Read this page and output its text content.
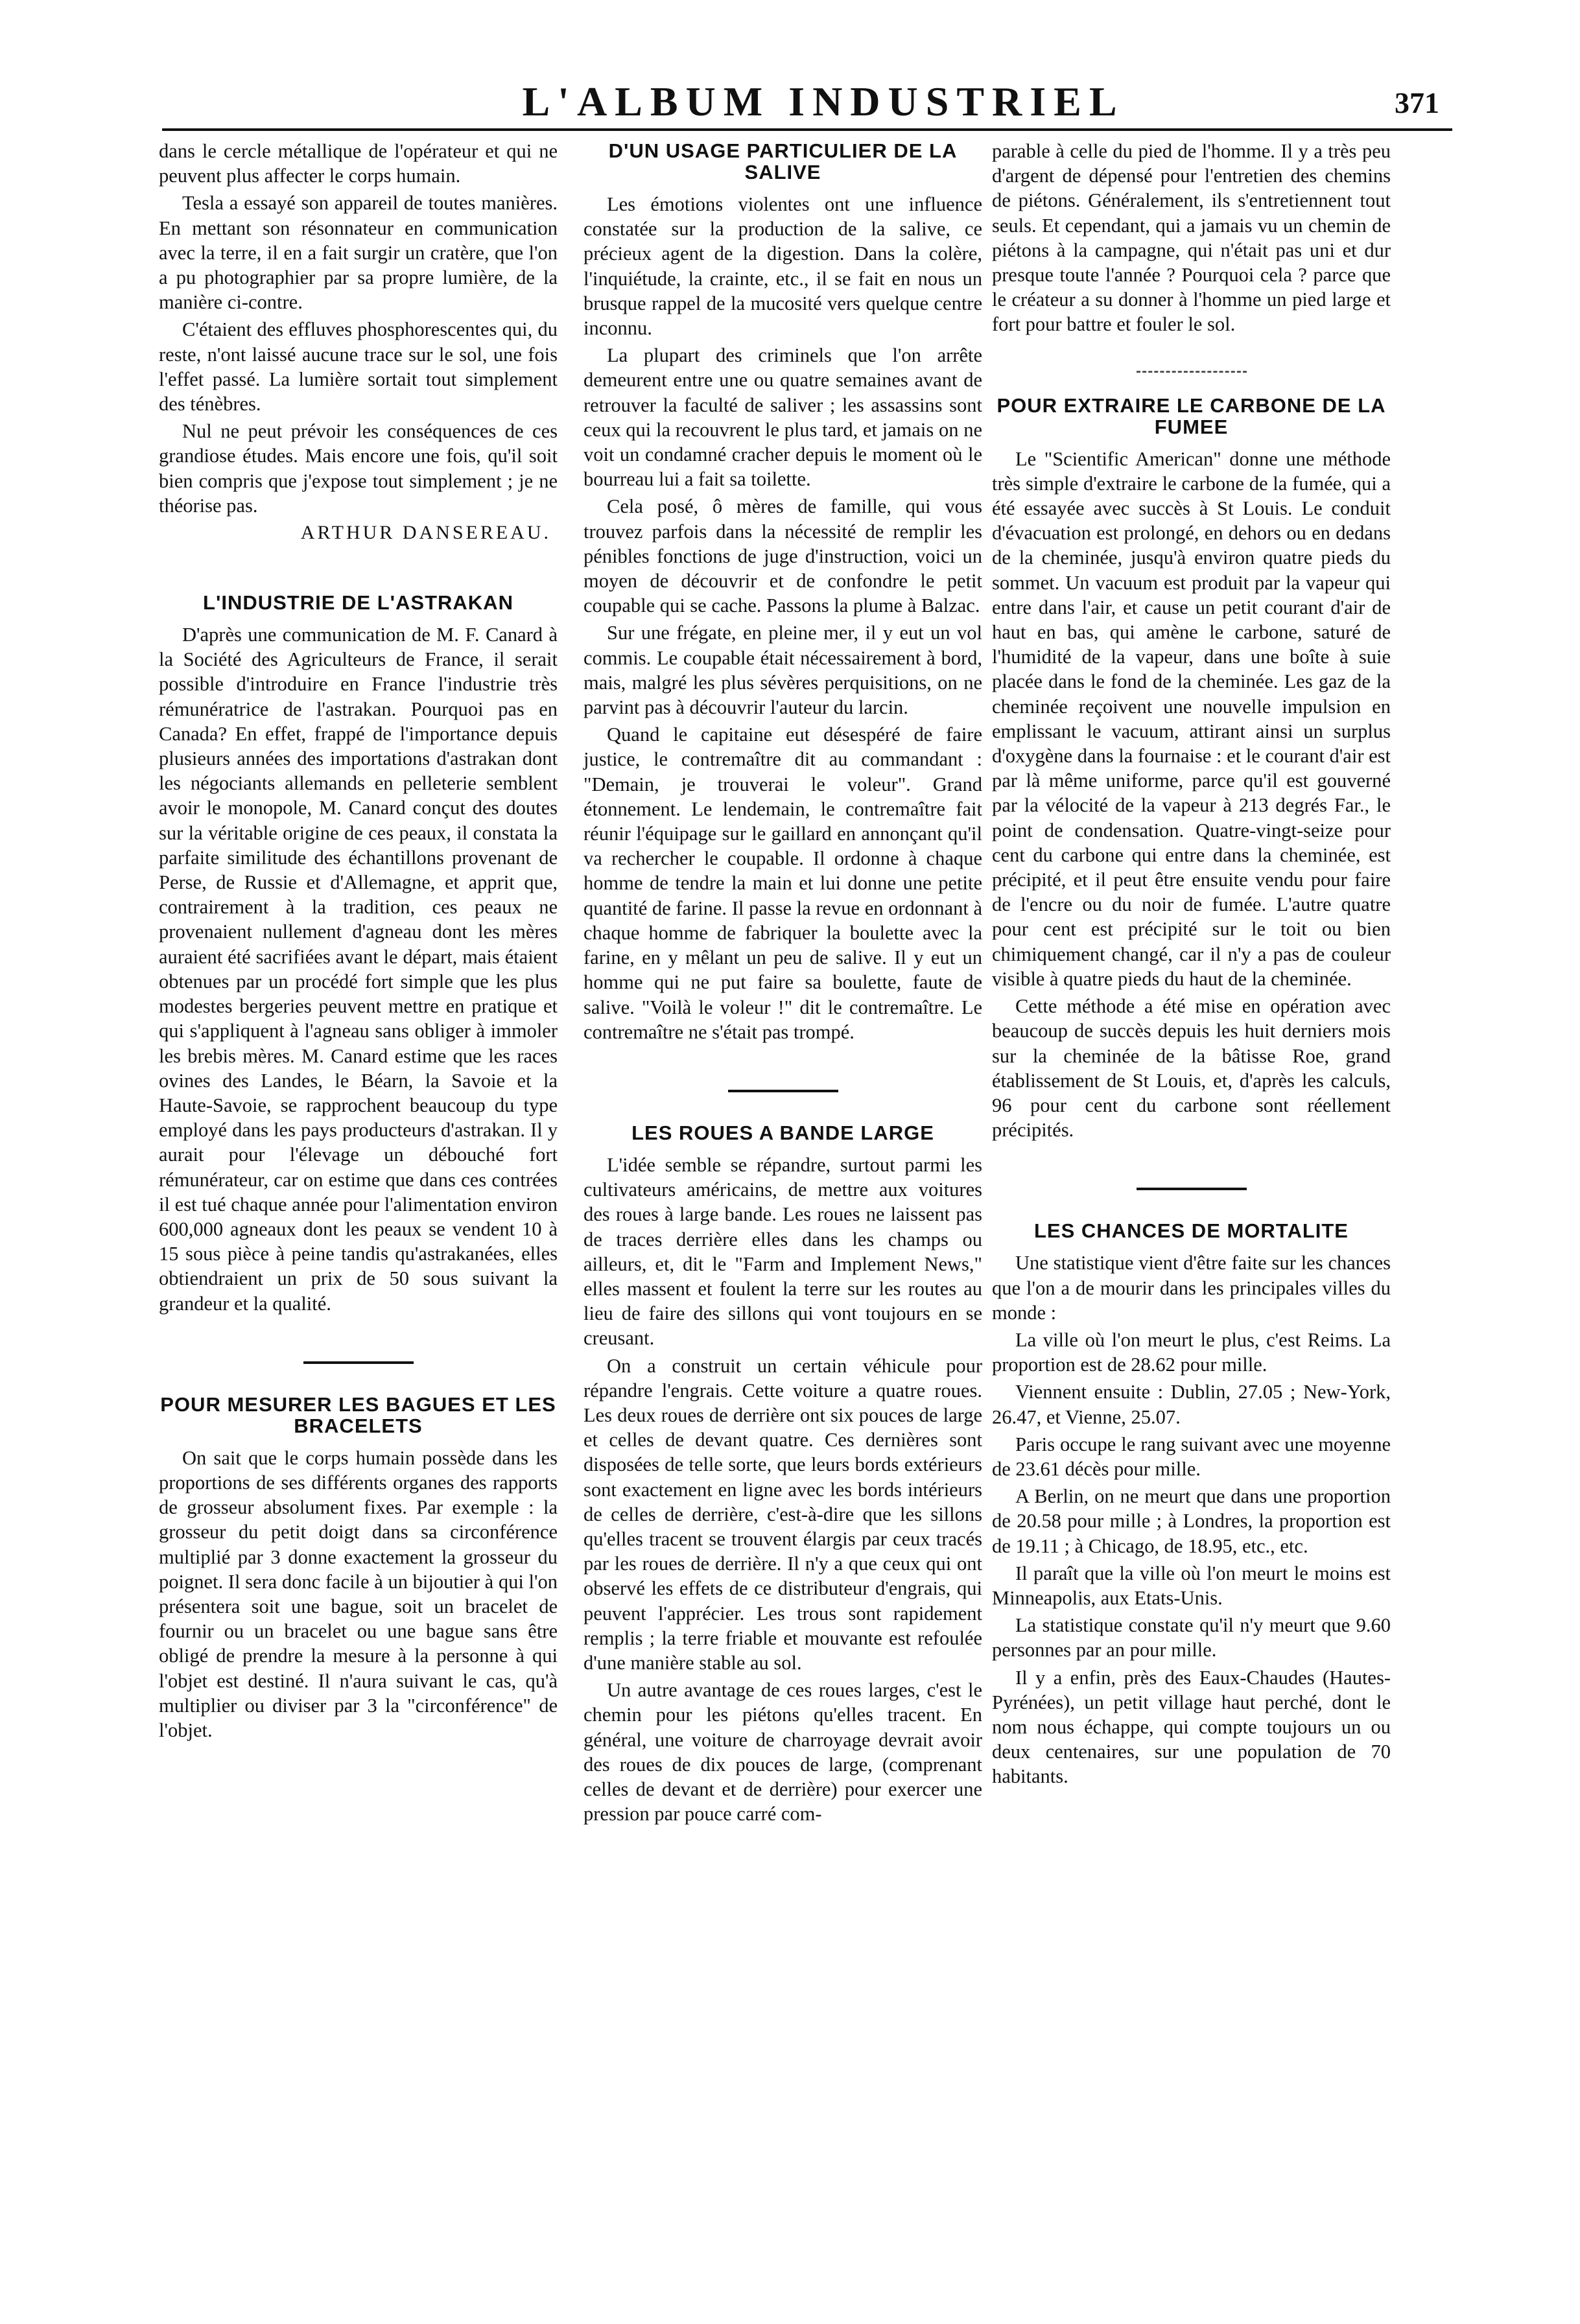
L'ALBUM INDUSTRIEL	371

dans le cercle métallique de l'opérateur et qui ne peuvent plus affecter le corps humain.

Tesla a essayé son appareil de toutes manières. En mettant son résonnateur en communication avec la terre, il en a fait surgir un cratère, que l'on a pu photographier par sa propre lumière, de la manière ci-contre.

C'étaient des effluves phosphorescentes qui, du reste, n'ont laissé aucune trace sur le sol, une fois l'effet passé. La lumière sortait tout simplement des ténèbres.

Nul ne peut prévoir les conséquences de ces grandiose études. Mais encore une fois, qu'il soit bien compris que j'expose tout simplement ; je ne théorise pas.

ARTHUR DANSEREAU.
L'INDUSTRIE DE L'ASTRAKAN

D'après une communication de M. F. Canard à la Société des Agriculteurs de France, il serait possible d'introduire en France l'industrie très rémunératrice de l'astrakan. Pourquoi pas en Canada? En effet, frappé de l'importance depuis plusieurs années des importations d'astrakan dont les négociants allemands en pelleterie semblent avoir le monopole, M. Canard conçut des doutes sur la véritable origine de ces peaux, il constata la parfaite similitude des échantillons provenant de Perse, de Russie et d'Allemagne, et apprit que, contrairement à la tradition, ces peaux ne provenaient nullement d'agneau dont les mères auraient été sacrifiées avant le départ, mais étaient obtenues par un procédé fort simple que les plus modestes bergeries peuvent mettre en pratique et qui s'appliquent à l'agneau sans obliger à immoler les brebis mères. M. Canard estime que les races ovines des Landes, le Béarn, la Savoie et la Haute-Savoie, se rapprochent beaucoup du type employé dans les pays producteurs d'astrakan. Il y aurait pour l'élevage un débouché fort rémunérateur, car on estime que dans ces contrées il est tué chaque année pour l'alimentation environ 600,000 agneaux dont les peaux se vendent 10 à 15 sous pièce à peine tandis qu'astrakanées, elles obtiendraient un prix de 50 sous suivant la grandeur et la qualité.

POUR MESURER LES BAGUES ET LES BRACELETS

On sait que le corps humain possède dans les proportions de ses différents organes des rapports de grosseur absolument fixes. Par exemple : la grosseur du petit doigt dans sa circonférence multiplié par 3 donne exactement la grosseur du poignet. Il sera donc facile à un bijoutier à qui l'on présentera soit une bague, soit un bracelet de fournir ou un bracelet ou une bague sans être obligé de prendre la mesure à la personne à qui l'objet est destiné. Il n'aura suivant le cas, qu'à multiplier ou diviser par 3 la "circonférence" de l'objet.

D'UN USAGE PARTICULIER DE LA SALIVE

Les émotions violentes ont une influence constatée sur la production de la salive, ce précieux agent de la digestion. Dans la colère, l'inquiétude, la crainte, etc., il se fait en nous un brusque rappel de la mucosité vers quelque centre inconnu.

La plupart des criminels que l'on arrête demeurent entre une ou quatre semaines avant de retrouver la faculté de saliver ; les assassins sont ceux qui la recouvrent le plus tard, et jamais on ne voit un condamné cracher depuis le moment où le bourreau lui a fait sa toilette.

Cela posé, ô mères de famille, qui vous trouvez parfois dans la nécessité de remplir les pénibles fonctions de juge d'instruction, voici un moyen de découvrir et de confondre le petit coupable qui se cache. Passons la plume à Balzac.

Sur une frégate, en pleine mer, il y eut un vol commis. Le coupable était nécessairement à bord, mais, malgré les plus sévères perquisitions, on ne parvint pas à découvrir l'auteur du larcin.

Quand le capitaine eut désespéré de faire justice, le contremaître dit au commandant : "Demain, je trouverai le voleur". Grand étonnement. Le lendemain, le contremaître fait réunir l'équipage sur le gaillard en annonçant qu'il va rechercher le coupable. Il ordonne à chaque homme de tendre la main et lui donne une petite quantité de farine. Il passe la revue en ordonnant à chaque homme de fabriquer la boulette avec la farine, en y mêlant un peu de salive. Il y eut un homme qui ne put faire sa boulette, faute de salive. "Voilà le voleur !" dit le contremaître. Le contremaître ne s'était pas trompé.

LES ROUES A BANDE LARGE

L'idée semble se répandre, surtout parmi les cultivateurs américains, de mettre aux voitures des roues à large bande. Les roues ne laissent pas de traces derrière elles dans les champs ou ailleurs, et, dit le "Farm and Implement News," elles massent et foulent la terre sur les routes au lieu de faire des sillons qui vont toujours en se creusant.

On a construit un certain véhicule pour répandre l'engrais. Cette voiture a quatre roues. Les deux roues de derrière ont six pouces de large et celles de devant quatre. Ces dernières sont disposées de telle sorte, que leurs bords extérieurs sont exactement en ligne avec les bords intérieurs de celles de derrière, c'est-à-dire que les sillons qu'elles tracent se trouvent élargis par ceux tracés par les roues de derrière. Il n'y a que ceux qui ont observé les effets de ce distributeur d'engrais, qui peuvent l'apprécier. Les trous sont rapidement remplis ; la terre friable et mouvante est refoulée d'une manière stable au sol.

Un autre avantage de ces roues larges, c'est le chemin pour les piétons qu'elles tracent. En général, une voiture de charroyage devrait avoir des roues de dix pouces de large, (comprenant celles de devant et de derrière) pour exercer une pression par pouce carré com-

parable à celle du pied de l'homme. Il y a très peu d'argent de dépensé pour l'entretien des chemins de piétons. Généralement, ils s'entretiennent tout seuls. Et cependant, qui a jamais vu un chemin de piétons à la campagne, qui n'était pas uni et dur presque toute l'année ? Pourquoi cela ? parce que le créateur a su donner à l'homme un pied large et fort pour battre et fouler le sol.

POUR EXTRAIRE LE CARBONE DE LA FUMEE

Le "Scientific American" donne une méthode très simple d'extraire le carbone de la fumée, qui a été essayée avec succès à St Louis. Le conduit d'évacuation est prolongé, en dehors ou en dedans de la cheminée, jusqu'à environ quatre pieds du sommet. Un vacuum est produit par la vapeur qui entre dans l'air, et cause un petit courant d'air de haut en bas, qui amène le carbone, saturé de l'humidité de la vapeur, dans une boîte à suie placée dans le fond de la cheminée. Les gaz de la cheminée reçoivent une nouvelle impulsion en emplissant le vacuum, attirant ainsi un surplus d'oxygène dans la fournaise : et le courant d'air est par là même uniforme, parce qu'il est gouverné par la vélocité de la vapeur à 213 degrés Far., le point de condensation. Quatre-vingt-seize pour cent du carbone qui entre dans la cheminée, est précipité, et il peut être ensuite vendu pour faire de l'encre ou du noir de fumée. L'autre quatre pour cent est précipité sur le toit ou bien chimiquement changé, car il n'y a pas de couleur visible à quatre pieds du haut de la cheminée.

Cette méthode a été mise en opération avec beaucoup de succès depuis les huit derniers mois sur la cheminée de la bâtisse Roe, grand établissement de St Louis, et, d'après les calculs, 96 pour cent du carbone sont réellement précipités.

LES CHANCES DE MORTALITE

Une statistique vient d'être faite sur les chances que l'on a de mourir dans les principales villes du monde :

La ville où l'on meurt le plus, c'est Reims. La proportion est de 28.62 pour mille.

Viennent ensuite : Dublin, 27.05 ; New-York, 26.47, et Vienne, 25.07.

Paris occupe le rang suivant avec une moyenne de 23.61 décès pour mille.

A Berlin, on ne meurt que dans une proportion de 20.58 pour mille ; à Londres, la proportion est de 19.11 ; à Chicago, de 18.95, etc., etc.

Il paraît que la ville où l'on meurt le moins est Minneapolis, aux Etats-Unis.

La statistique constate qu'il n'y meurt que 9.60 personnes par an pour mille.

Il y a enfin, près des Eaux-Chaudes (Hautes-Pyrénées), un petit village haut perché, dont le nom nous échappe, qui compte toujours un ou deux centenaires, sur une population de 70 habitants.
